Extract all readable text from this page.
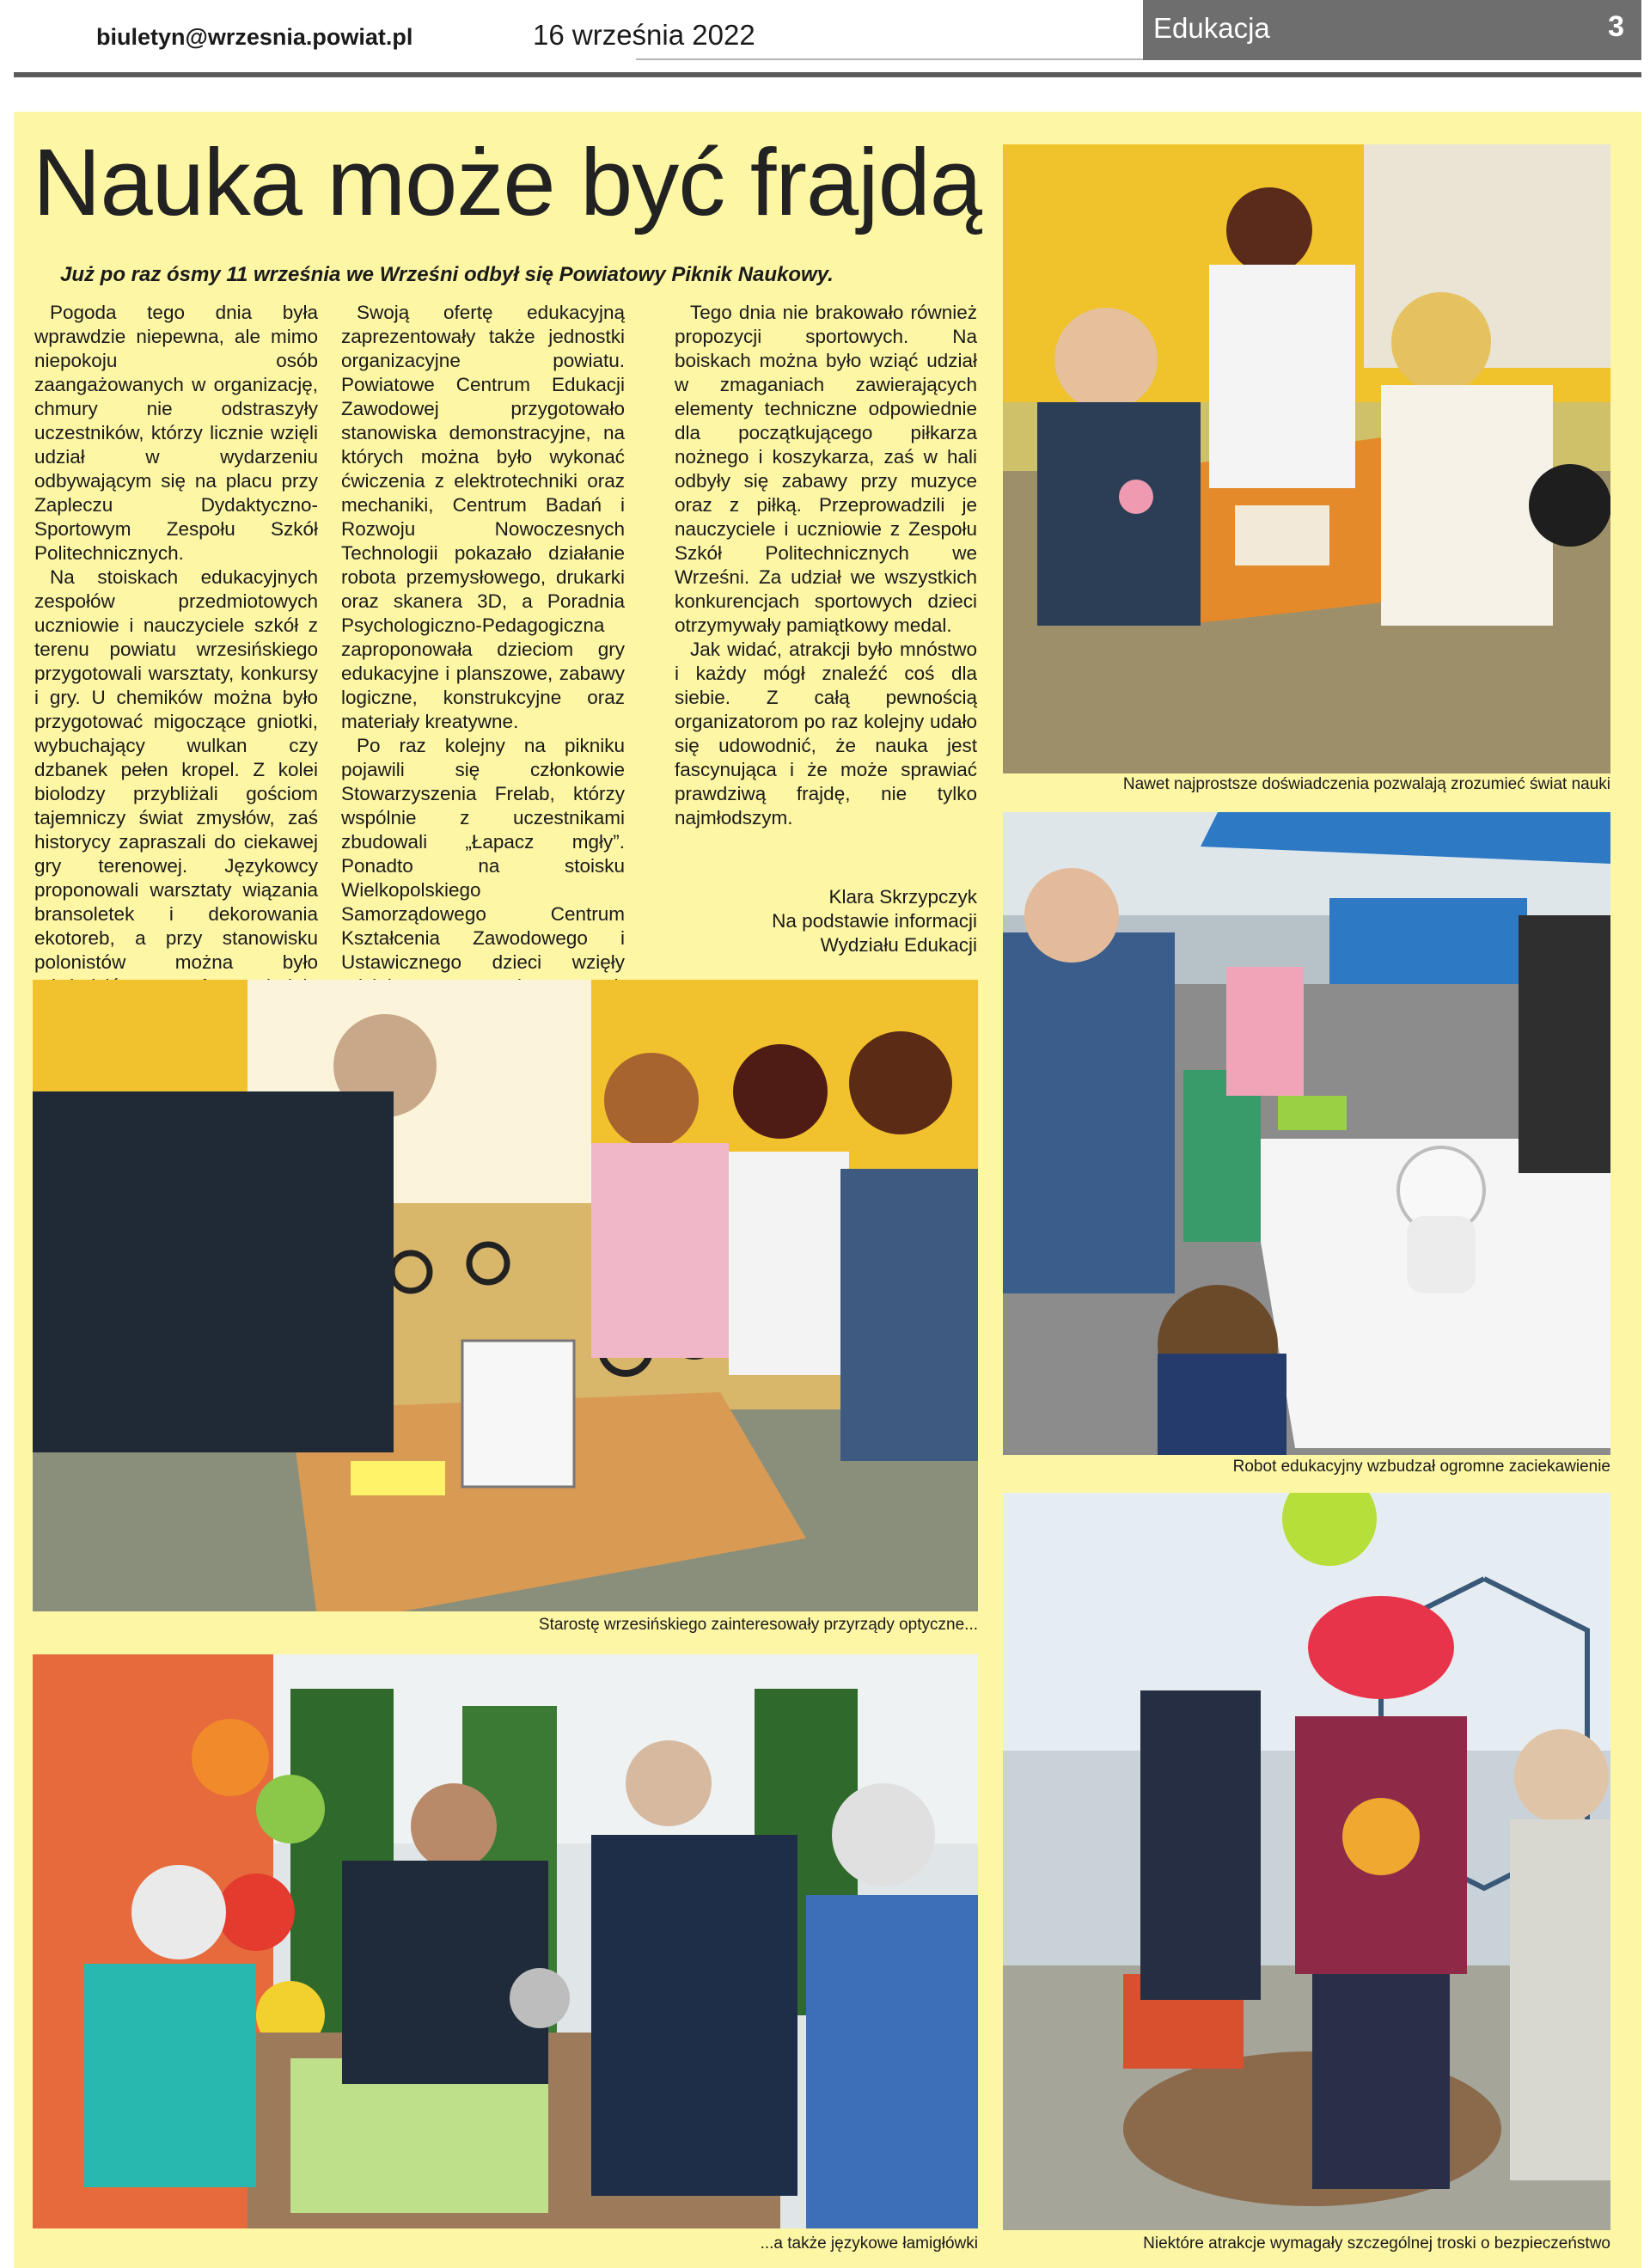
biuletyn@wrzesnia.powiat.pl	16 września 2022	Edukacja	3
Nauka może być frajdą
Już po raz ósmy 11 września we Wrześni odbył się Powiatowy Piknik Naukowy.

Pogoda tego dnia była wprawdzie niepewna, ale mimo niepokoju osób zaangażowanych w organizację, chmury nie odstraszyły uczestników, którzy licznie wzięli udział w wydarzeniu odbywającym się na placu przy Zapleczu Dydaktyczno-Sportowym Zespołu Szkół Politechnicznych.

Na stoiskach edukacyjnych zespołów przedmiotowych uczniowie i nauczyciele szkół z terenu powiatu wrzesińskiego przygotowali warsztaty, konkursy i gry. U chemików można było przygotować migoczące gniotki, wybuchający wulkan czy dzbanek pełen kropel. Z kolei biolodzy przybliżali gościom tajemniczy świat zmysłów, zaś historycy zapraszali do ciekawej gry terenowej. Językowcy proponowali warsztaty wiązania bransoletek i dekorowania ekotoreb, a przy stanowisku polonistów można było

Swoją ofertę edukacyjną zaprezentowały także jednostki organizacyjne powiatu. Powiatowe Centrum Edukacji Zawodowej przygotowało stanowiska demonstracyjne, na których można było wykonać ćwiczenia z elektrotechniki oraz mechaniki, Centrum Badań i Rozwoju Nowoczesnych Technologii pokazało działanie robota przemysłowego, drukarki oraz skanera 3D, a Poradnia Psychologiczno-Pedagogiczna zaproponowała dzieciom gry edukacyjne i planszowe, zabawy logiczne, konstrukcyjne oraz materiały kreatywne.

Po raz kolejny na pikniku pojawili się członkowie Stowarzyszenia Frelab, którzy wspólnie z uczestnikami zbudowali „Łapacz mgły”. Ponadto na stoisku Wielkopolskiego Samorządowego Centrum Kształcenia Zawodowego i Ustawicznego dzieci wzięły

Tego dnia nie brakowało również propozycji sportowych. Na boiskach można było wziąć udział w zmaganiach zawierających elementy techniczne odpowiednie dla początkującego piłkarza nożnego i koszykarza, zaś w hali odbyły się zabawy przy muzyce oraz z piłką. Przeprowadzili je nauczyciele i uczniowie z Zespołu Szkół Politechnicznych we Wrześni. Za udział we wszystkich konkurencjach sportowych dzieci otrzymywały pamiątkowy medal.

Jak widać, atrakcji było mnóstwo i każdy mógł znaleźć coś dla siebie. Z całą pewnością organizatorom po raz kolejny udało się udowodnić, że nauka jest fascynująca i że może sprawiać prawdziwą frajdę, nie tylko najmłodszym.

Klara Skrzypczyk
Na podstawie informacji
Wydziału Edukacji
Nawet najprostsze doświadczenia pozwalają zrozumieć świat nauki
Robot edukacyjny wzbudzał ogromne zaciekawienie
Starostę wrzesińskiego zainteresowały przyrządy optyczne...
...a także językowe łamigłówki	Niektóre atrakcje wymagały szczególnej troski o bezpieczeństwo
